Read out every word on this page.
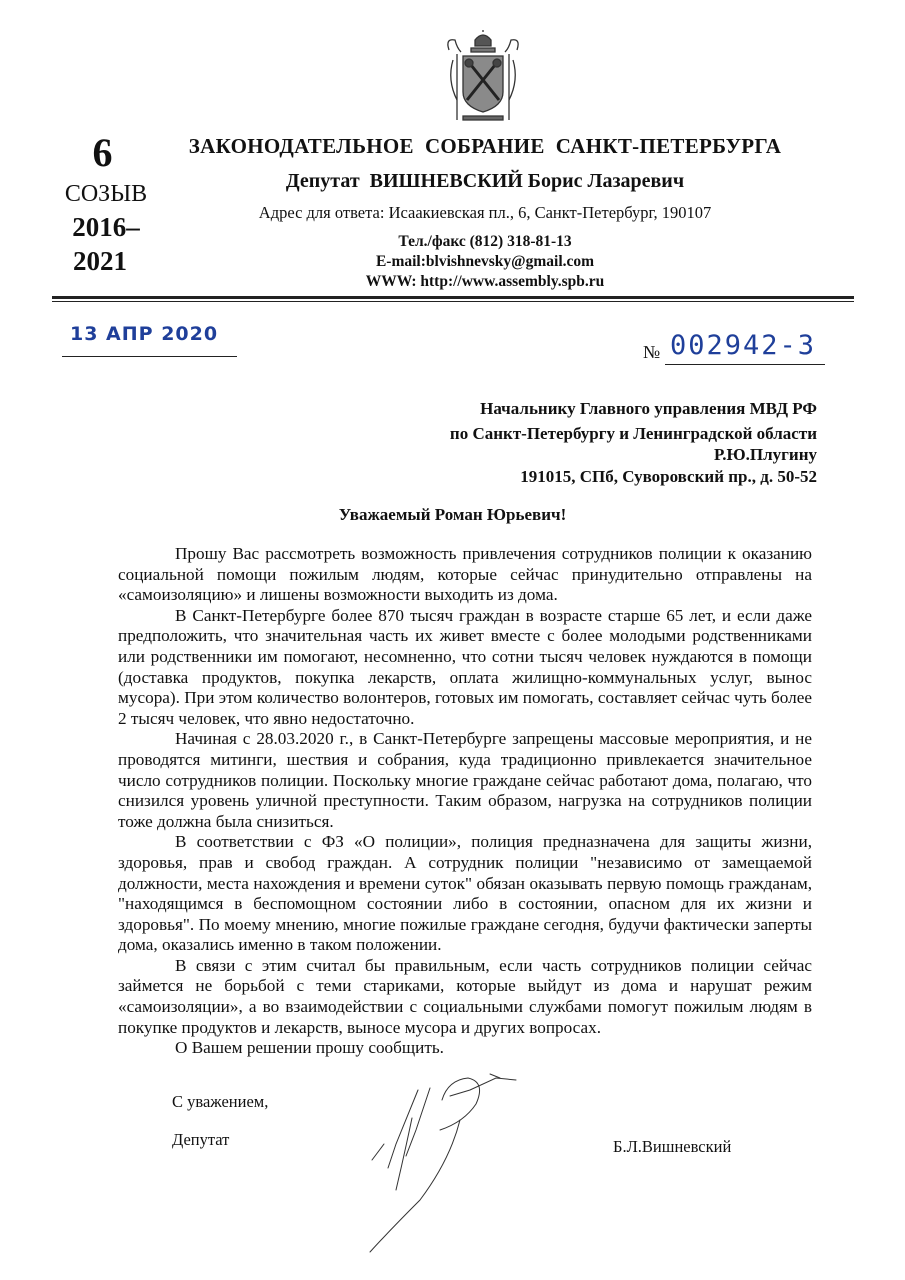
6
СОЗЫВ
2016–
2021
ЗАКОНОДАТЕЛЬНОЕ  СОБРАНИЕ  САНКТ-ПЕТЕРБУРГА
Депутат  ВИШНЕВСКИЙ Борис Лазаревич
Адрес для ответа: Исаакиевская пл., 6, Санкт-Петербург, 190107
Тел./факс (812) 318-81-13
E-mail:blvishnevsky@gmail.com
WWW: http://www.assembly.spb.ru
13 АПР 2020
№ 002942-3
Начальнику Главного управления МВД РФ
по Санкт-Петербургу и Ленинградской области
Р.Ю.Плугину
191015, СПб, Суворовский пр., д. 50-52
Уважаемый Роман Юрьевич!

Прошу Вас рассмотреть возможность привлечения сотрудников полиции к оказанию социальной помощи пожилым людям, которые сейчас принудительно отправлены на «самоизоляцию» и лишены возможности выходить из дома.

В Санкт-Петербурге более 870 тысяч граждан в возрасте старше 65 лет, и если даже предположить, что значительная часть их живет вместе с более молодыми родственниками или родственники им помогают, несомненно, что сотни тысяч человек нуждаются в помощи (доставка продуктов, покупка лекарств, оплата жилищно-коммунальных услуг, вынос мусора). При этом количество волонтеров, готовых им помогать, составляет сейчас чуть более 2 тысяч человек, что явно недостаточно.

Начиная с 28.03.2020 г., в Санкт-Петербурге запрещены массовые мероприятия, и не проводятся митинги, шествия и собрания, куда традиционно привлекается значительное число сотрудников полиции. Поскольку многие граждане сейчас работают дома, полагаю, что снизился уровень уличной преступности. Таким образом, нагрузка на сотрудников полиции тоже должна была снизиться.

В соответствии с ФЗ «О полиции», полиция предназначена для защиты жизни, здоровья, прав и свобод граждан. А сотрудник полиции "независимо от замещаемой должности, места нахождения и времени суток" обязан оказывать первую помощь гражданам, "находящимся в беспомощном состоянии либо в состоянии, опасном для их жизни и здоровья". По моему мнению, многие пожилые граждане сегодня, будучи фактически заперты дома, оказались именно в таком положении.

В связи с этим считал бы правильным, если часть сотрудников полиции сейчас займется не борьбой с теми стариками, которые выйдут из дома и нарушат режим «самоизоляции», а во взаимодействии с социальными службами помогут пожилым людям в покупке продуктов и лекарств, выносе мусора и других вопросах.

О Вашем решении прошу сообщить.

С уважением,
Депутат	Б.Л.Вишневский
